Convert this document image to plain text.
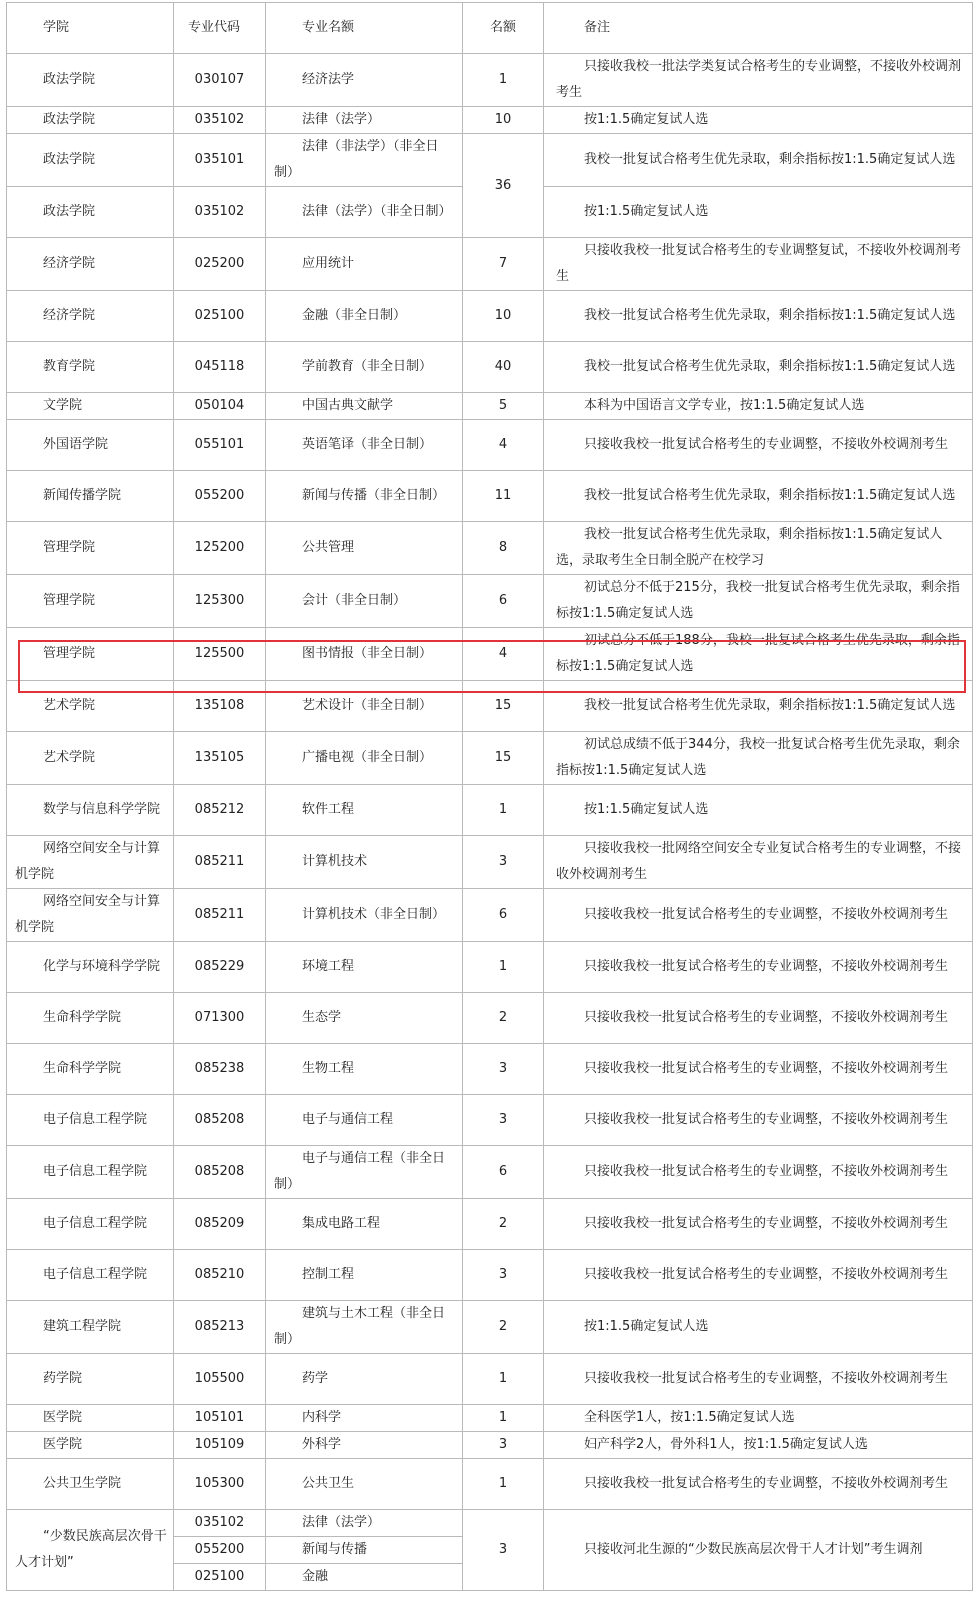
学院	专业代码	专业名额	名额	备注
政法学院	030107	经济法学	1	只接收我校一批法学类复试合格考生的专业调整，不接收外校调剂考生
政法学院	035102	法律（法学）	10	按1:1.5确定复试人选
政法学院	035101	法律（非法学）（非全日制）	36	我校一批复试合格考生优先录取，剩余指标按1:1.5确定复试人选
政法学院	035102	法律（法学）（非全日制）		按1:1.5确定复试人选
经济学院	025200	应用统计	7	只接收我校一批复试合格考生的专业调整复试，不接收外校调剂考生
经济学院	025100	金融（非全日制）	10	我校一批复试合格考生优先录取，剩余指标按1:1.5确定复试人选
教育学院	045118	学前教育（非全日制）	40	我校一批复试合格考生优先录取，剩余指标按1:1.5确定复试人选
文学院	050104	中国古典文献学	5	本科为中国语言文学专业，按1:1.5确定复试人选
外国语学院	055101	英语笔译（非全日制）	4	只接收我校一批复试合格考生的专业调整，不接收外校调剂考生
新闻传播学院	055200	新闻与传播（非全日制）	11	我校一批复试合格考生优先录取，剩余指标按1:1.5确定复试人选
管理学院	125200	公共管理	8	我校一批复试合格考生优先录取，剩余指标按1:1.5确定复试人选，录取考生全日制全脱产在校学习
管理学院	125300	会计（非全日制）	6	初试总分不低于215分，我校一批复试合格考生优先录取，剩余指标按1:1.5确定复试人选
管理学院	125500	图书情报（非全日制）	4	初试总分不低于188分，我校一批复试合格考生优先录取，剩余指标按1:1.5确定复试人选
艺术学院	135108	艺术设计（非全日制）	15	我校一批复试合格考生优先录取，剩余指标按1:1.5确定复试人选
艺术学院	135105	广播电视（非全日制）	15	初试总成绩不低于344分，我校一批复试合格考生优先录取，剩余指标按1:1.5确定复试人选
数学与信息科学学院	085212	软件工程	1	按1:1.5确定复试人选
网络空间安全与计算机学院	085211	计算机技术	3	只接收我校一批网络空间安全专业复试合格考生的专业调整，不接收外校调剂考生
网络空间安全与计算机学院	085211	计算机技术（非全日制）	6	只接收我校一批复试合格考生的专业调整，不接收外校调剂考生
化学与环境科学学院	085229	环境工程	1	只接收我校一批复试合格考生的专业调整，不接收外校调剂考生
生命科学学院	071300	生态学	2	只接收我校一批复试合格考生的专业调整，不接收外校调剂考生
生命科学学院	085238	生物工程	3	只接收我校一批复试合格考生的专业调整，不接收外校调剂考生
电子信息工程学院	085208	电子与通信工程	3	只接收我校一批复试合格考生的专业调整，不接收外校调剂考生
电子信息工程学院	085208	电子与通信工程（非全日制）	6	只接收我校一批复试合格考生的专业调整，不接收外校调剂考生
电子信息工程学院	085209	集成电路工程	2	只接收我校一批复试合格考生的专业调整，不接收外校调剂考生
电子信息工程学院	085210	控制工程	3	只接收我校一批复试合格考生的专业调整，不接收外校调剂考生
建筑工程学院	085213	建筑与土木工程（非全日制）	2	按1:1.5确定复试人选
药学院	105500	药学	1	只接收我校一批复试合格考生的专业调整，不接收外校调剂考生
医学院	105101	内科学	1	全科医学1人，按1:1.5确定复试人选
医学院	105109	外科学	3	妇产科学2人，骨外科1人，按1:1.5确定复试人选
公共卫生学院	105300	公共卫生	1	只接收我校一批复试合格考生的专业调整，不接收外校调剂考生
“少数民族高层次骨干人才计划”	035102	法律（法学）	3	只接收河北生源的“少数民族高层次骨干人才计划”考生调剂
	055200	新闻与传播		
	025100	金融		
